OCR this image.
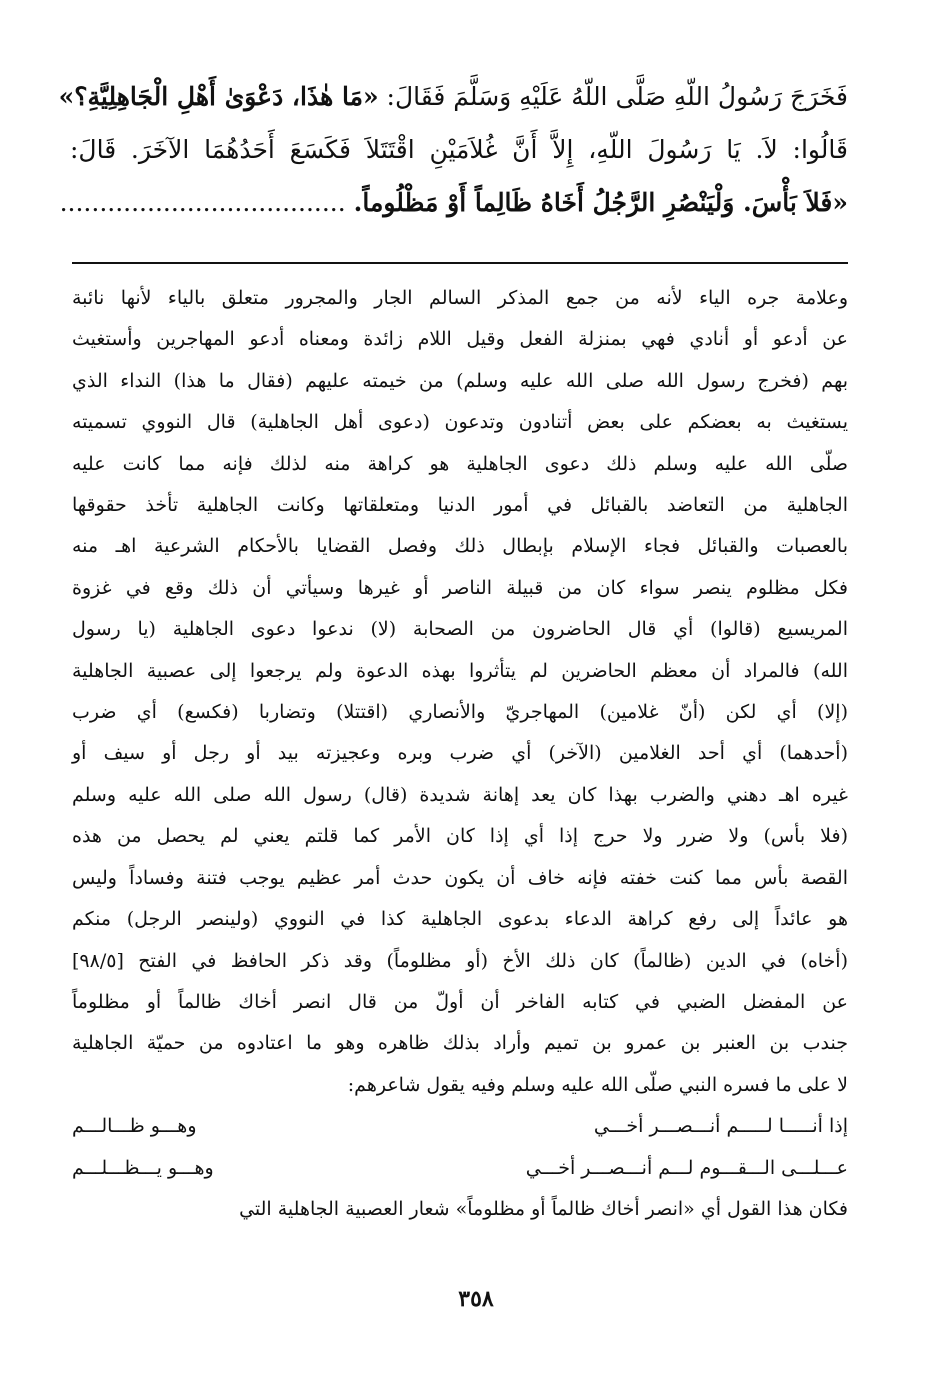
فَخَرَجَ رَسُولُ اللّهِ صَلَّى اللّهُ عَلَيْهِ وَسَلَّمَ فَقَالَ: «مَا هٰذَا، دَعْوَىٰ أَهْلِ الْجَاهِلِيَّةِ؟»
قَالُوا: لاَ. يَا رَسُولَ اللّهِ، إِلاَّ أَنَّ غُلاَمَيْنِ اقْتَتَلاَ فَكَسَعَ أَحَدُهُمَا الآخَرَ. قَالَ:
«فَلاَ بَأْسَ. وَلْيَنْصُرِ الرَّجُلُ أَخَاهُ ظَالِماً أَوْ مَظْلُوماً. ....................................
وعلامة جره الياء لأنه من جمع المذكر السالم الجار والمجرور متعلق بالياء لأنها نائبة
عن أدعو أو أنادي فهي بمنزلة الفعل وقيل اللام زائدة ومعناه أدعو المهاجرين وأستغيث
بهم (فخرج رسول الله صلى الله عليه وسلم) من خيمته عليهم (فقال ما هذا) النداء الذي
يستغيث به بعضكم على بعض أتنادون وتدعون (دعوى أهل الجاهلية) قال النووي تسميته
صلّى الله عليه وسلم ذلك دعوى الجاهلية هو كراهة منه لذلك فإنه مما كانت عليه
الجاهلية من التعاضد بالقبائل في أمور الدنيا ومتعلقاتها وكانت الجاهلية تأخذ حقوقها
بالعصبات والقبائل فجاء الإسلام بإبطال ذلك وفصل القضايا بالأحكام الشرعية اهـ منه
فكل مظلوم ينصر سواء كان من قبيلة الناصر أو غيرها وسيأتي أن ذلك وقع في غزوة
المريسيع (قالوا) أي قال الحاضرون من الصحابة (لا) ندعوا دعوى الجاهلية (يا رسول
الله) فالمراد أن معظم الحاضرين لم يتأثروا بهذه الدعوة ولم يرجعوا إلى عصبية الجاهلية
(إلا) أي لكن (أنّ غلامين) المهاجريّ والأنصاري (اقتتلا) وتضاربا (فكسع) أي ضرب
(أحدهما) أي أحد الغلامين (الآخر) أي ضرب وبره وعجيزته بيد أو رجل أو سيف أو
غيره اهـ دهني والضرب بهذا كان يعد إهانة شديدة (قال) رسول الله صلى الله عليه وسلم
(فلا بأس) ولا ضرر ولا حرج إذا أي إذا كان الأمر كما قلتم يعني لم يحصل من هذه
القصة بأس مما كنت خفته فإنه خاف أن يكون حدث أمر عظيم يوجب فتنة وفساداً وليس
هو عائداً إلى رفع كراهة الدعاء بدعوى الجاهلية كذا في النووي (ولينصر الرجل) منكم
(أخاه) في الدين (ظالماً) كان ذلك الأخ (أو مظلوماً) وقد ذكر الحافظ في الفتح [٩٨/٥]
عن المفضل الضبي في كتابه الفاخر أن أولّ من قال انصر أخاك ظالماً أو مظلوماً
جندب بن العنبر بن عمرو بن تميم وأراد بذلك ظاهره وهو ما اعتادوه من حميّة الجاهلية
لا على ما فسره النبي صلّى الله عليه وسلم وفيه يقول شاعرهم:
إذا أنـــــا لـــــم أنـــصـــر أخـــي
وهـــو ظـــالـــم
عـــلـــى الـــقـــوم لـــم أنـــصـــر أخـــي
وهـــو يـــظـــلـــم
فكان هذا القول أي «انصر أخاك ظالماً أو مظلوماً» شعار العصبية الجاهلية التي
٣٥٨
